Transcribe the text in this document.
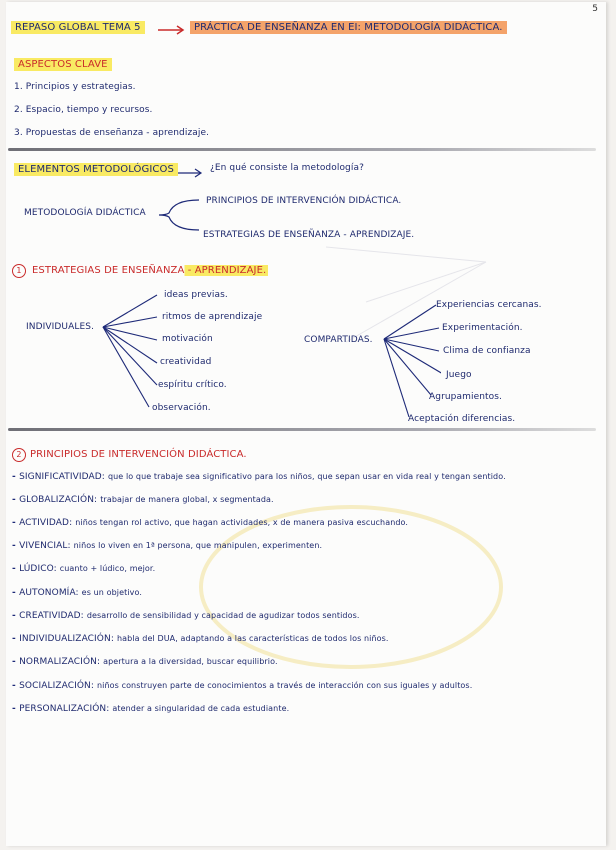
5
REPASO GLOBAL TEMA 5	PRÁCTICA DE ENSEÑANZA EN EI: METODOLOGÍA DIDÁCTICA.
ASPECTOS CLAVE
1. Principios y estrategias.
2. Espacio, tiempo y recursos.
3. Propuestas de enseñanza - aprendizaje.
ELEMENTOS METODOLÓGICOS	¿En qué consiste la metodología?
METODOLOGÍA DIDÁCTICA
PRINCIPIOS DE INTERVENCIÓN DIDÁCTICA.
ESTRATEGIAS DE ENSEÑANZA - APRENDIZAJE.
1 ESTRATEGIAS DE ENSEÑANZA - APRENDIZAJE.
INDIVIDUALES.
ideas previas.
ritmos de aprendizaje
motivación
creatividad
espíritu crítico.
observación.
COMPARTIDAS.
Experiencias cercanas.
Experimentación.
Clima de confianza
Juego
Agrupamientos.
Aceptación diferencias.
2 PRINCIPIOS DE INTERVENCIÓN DIDÁCTICA.
- SIGNIFICATIVIDAD: que lo que trabaje sea significativo para los niños, que sepan usar en vida real y tengan sentido.
- GLOBALIZACIÓN: trabajar de manera global, x segmentada.
- ACTIVIDAD: niños tengan rol activo, que hagan actividades, x de manera pasiva escuchando.
- VIVENCIAL: niños lo viven en 1ª persona, que manipulen, experimenten.
- LÚDICO: cuanto + lúdico, mejor.
- AUTONOMÍA: es un objetivo.
- CREATIVIDAD: desarrollo de sensibilidad y capacidad de agudizar todos sentidos.
- INDIVIDUALIZACIÓN: habla del DUA, adaptando a las características de todos los niños.
- NORMALIZACIÓN: apertura a la diversidad, buscar equilibrio.
- SOCIALIZACIÓN: niños construyen parte de conocimientos a través de interacción con sus iguales y adultos.
- PERSONALIZACIÓN: atender a singularidad de cada estudiante.
